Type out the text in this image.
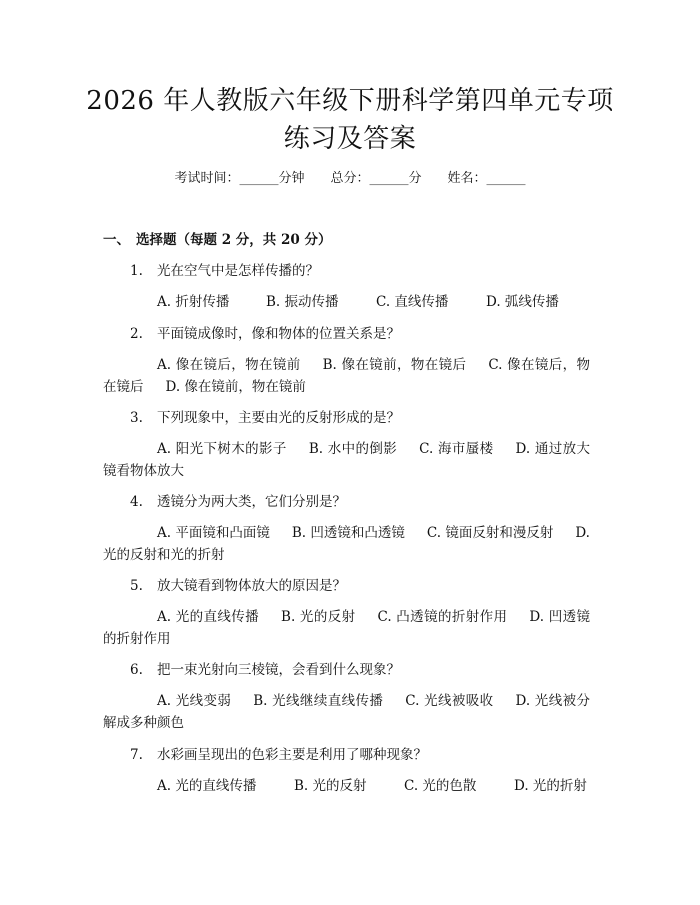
2026 年人教版六年级下册科学第四单元专项
练习及答案
考试时间：______分钟 总分：______分 姓名：______
一、 选择题（每题 2 分，共 20 分）
1. 光在空气中是怎样传播的？
A. 折射传播	B. 振动传播	C. 直线传播	D. 弧线传播
2. 平面镜成像时，像和物体的位置关系是？
A. 像在镜后，物在镜前 B. 像在镜前，物在镜后 C. 像在镜后，物在镜后 D. 像在镜前，物在镜前
3. 下列现象中，主要由光的反射形成的是？
A. 阳光下树木的影子 B. 水中的倒影 C. 海市蜃楼 D. 通过放大镜看物体放大
4. 透镜分为两大类，它们分别是？
A. 平面镜和凸面镜 B. 凹透镜和凸透镜 C. 镜面反射和漫反射 D. 光的反射和光的折射
5. 放大镜看到物体放大的原因是？
A. 光的直线传播 B. 光的反射 C. 凸透镜的折射作用 D. 凹透镜的折射作用
6. 把一束光射向三棱镜，会看到什么现象？
A. 光线变弱 B. 光线继续直线传播 C. 光线被吸收 D. 光线被分解成多种颜色
7. 水彩画呈现出的色彩主要是利用了哪种现象？
A. 光的直线传播	B. 光的反射	C. 光的色散	D. 光的折射
